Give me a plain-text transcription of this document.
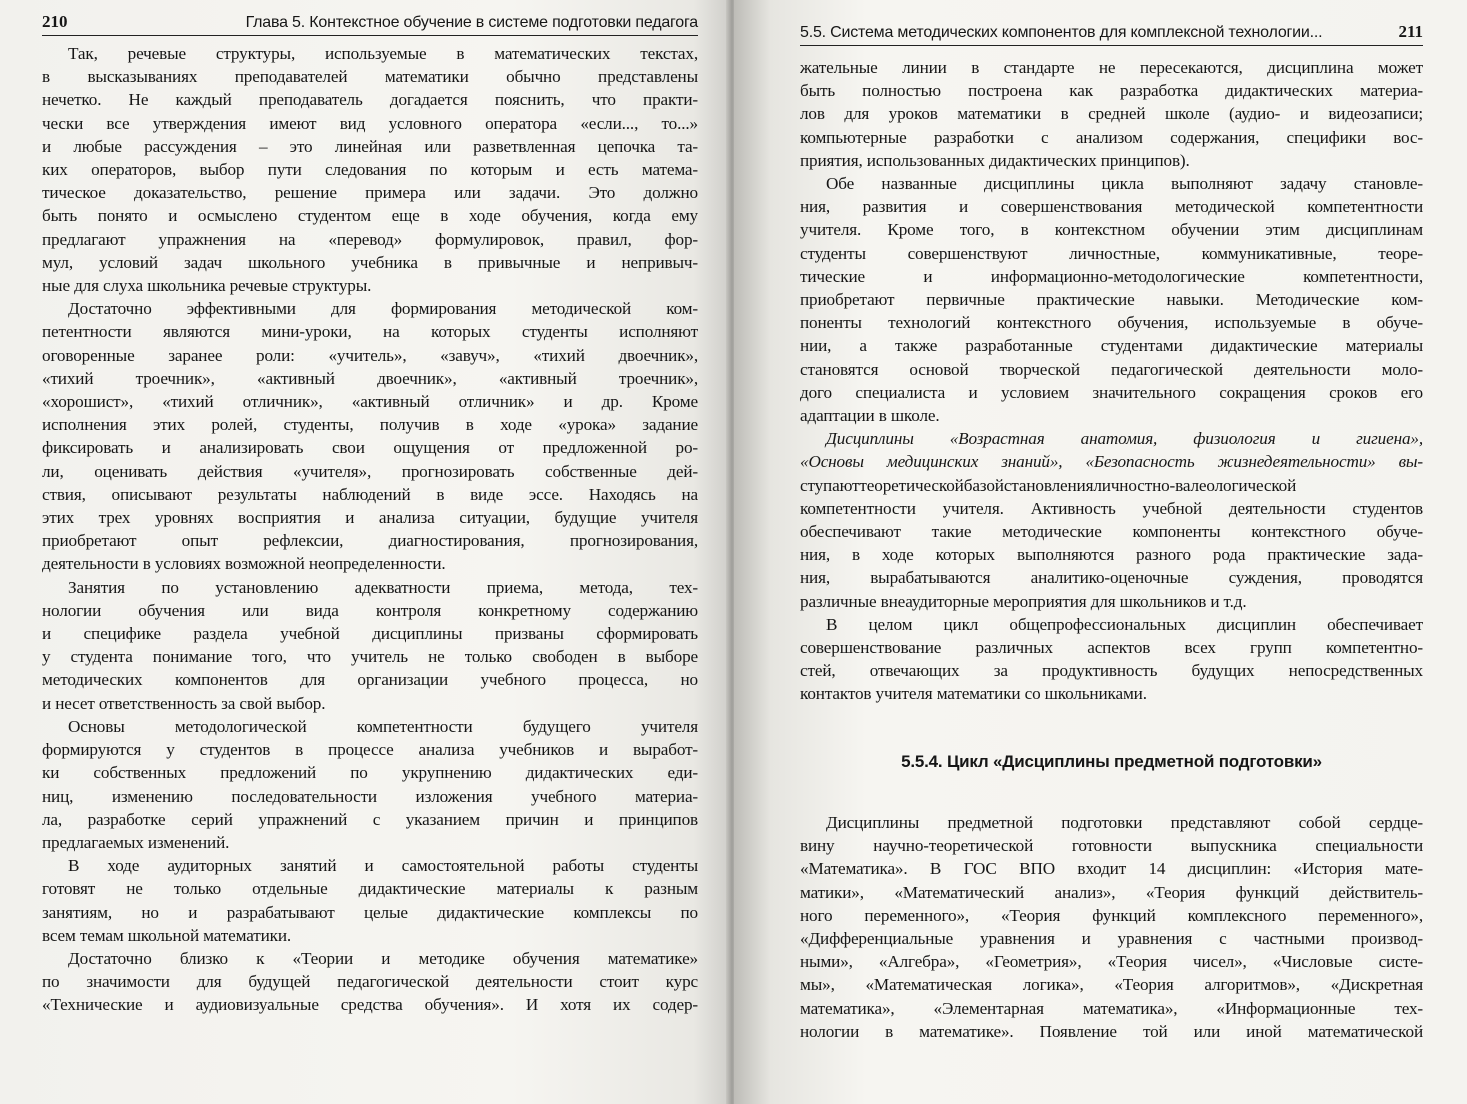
210	Глава 5. Контекстное обучение в системе подготовки педагога
Так, речевые структуры, используемые в математических текстах,
в высказываниях преподавателей математики обычно представлены
нечетко. Не каждый преподаватель догадается пояснить, что практи-
чески все утверждения имеют вид условного оператора «если..., то...»
и любые рассуждения – это линейная или разветвленная цепочка та-
ких операторов, выбор пути следования по которым и есть матема-
тическое доказательство, решение примера или задачи. Это должно
быть понято и осмыслено студентом еще в ходе обучения, когда ему
предлагают упражнения на «перевод» формулировок, правил, фор-
мул, условий задач школьного учебника в привычные и непривыч-
ные для слуха школьника речевые структуры.
Достаточно эффективными для формирования методической ком-
петентности являются мини-уроки, на которых студенты исполняют
оговоренные заранее роли: «учитель», «завуч», «тихий двоечник»,
«тихий троечник», «активный двоечник», «активный троечник»,
«хорошист», «тихий отличник», «активный отличник» и др. Кроме
исполнения этих ролей, студенты, получив в ходе «урока» задание
фиксировать и анализировать свои ощущения от предложенной ро-
ли, оценивать действия «учителя», прогнозировать собственные дей-
ствия, описывают результаты наблюдений в виде эссе. Находясь на
этих трех уровнях восприятия и анализа ситуации, будущие учителя
приобретают опыт рефлексии, диагностирования, прогнозирования,
деятельности в условиях возможной неопределенности.
Занятия по установлению адекватности приема, метода, тех-
нологии обучения или вида контроля конкретному содержанию
и специфике раздела учебной дисциплины призваны сформировать
у студента понимание того, что учитель не только свободен в выборе
методических компонентов для организации учебного процесса, но
и несет ответственность за свой выбор.
Основы методологической компетентности будущего учителя
формируются у студентов в процессе анализа учебников и выработ-
ки собственных предложений по укрупнению дидактических еди-
ниц, изменению последовательности изложения учебного материа-
ла, разработке серий упражнений с указанием причин и принципов
предлагаемых изменений.
В ходе аудиторных занятий и самостоятельной работы студенты
готовят не только отдельные дидактические материалы к разным
занятиям, но и разрабатывают целые дидактические комплексы по
всем темам школьной математики.
Достаточно близко к «Теории и методике обучения математике»
по значимости для будущей педагогической деятельности стоит курс
«Технические и аудиовизуальные средства обучения». И хотя их содер-
5.5. Система методических компонентов для комплексной технологии...	211
жательные линии в стандарте не пересекаются, дисциплина может
быть полностью построена как разработка дидактических материа-
лов для уроков математики в средней школе (аудио- и видеозаписи;
компьютерные разработки с анализом содержания, специфики вос-
приятия, использованных дидактических принципов).
Обе названные дисциплины цикла выполняют задачу становле-
ния, развития и совершенствования методической компетентности
учителя. Кроме того, в контекстном обучении этим дисциплинам
студенты совершенствуют личностные, коммуникативные, теоре-
тические и информационно-методологические компетентности,
приобретают первичные практические навыки. Методические ком-
поненты технологий контекстного обучения, используемые в обуче-
нии, а также разработанные студентами дидактические материалы
становятся основой творческой педагогической деятельности моло-
дого специалиста и условием значительного сокращения сроков его
адаптации в школе.
Дисциплины «Возрастная анатомия, физиология и гигиена»,
«Основы медицинских знаний», «Безопасность жизнедеятельности» вы-
ступаюттеоретическойбазойстановленияличностно-валеологической
компетентности учителя. Активность учебной деятельности студентов
обеспечивают такие методические компоненты контекстного обуче-
ния, в ходе которых выполняются разного рода практические зада-
ния, вырабатываются аналитико-оценочные суждения, проводятся
различные внеаудиторные мероприятия для школьников и т.д.
В целом цикл общепрофессиональных дисциплин обеспечивает
совершенствование различных аспектов всех групп компетентно-
стей, отвечающих за продуктивность будущих непосредственных
контактов учителя математики со школьниками.
5.5.4. Цикл «Дисциплины предметной подготовки»
Дисциплины предметной подготовки представляют собой сердце-
вину научно-теоретической готовности выпускника специальности
«Математика». В ГОС ВПО входит 14 дисциплин: «История мате-
матики», «Математический анализ», «Теория функций действитель-
ного переменного», «Теория функций комплексного переменного»,
«Дифференциальные уравнения и уравнения с частными производ-
ными», «Алгебра», «Геометрия», «Теория чисел», «Числовые систе-
мы», «Математическая логика», «Теория алгоритмов», «Дискретная
математика», «Элементарная математика», «Информационные тех-
нологии в математике». Появление той или иной математической
